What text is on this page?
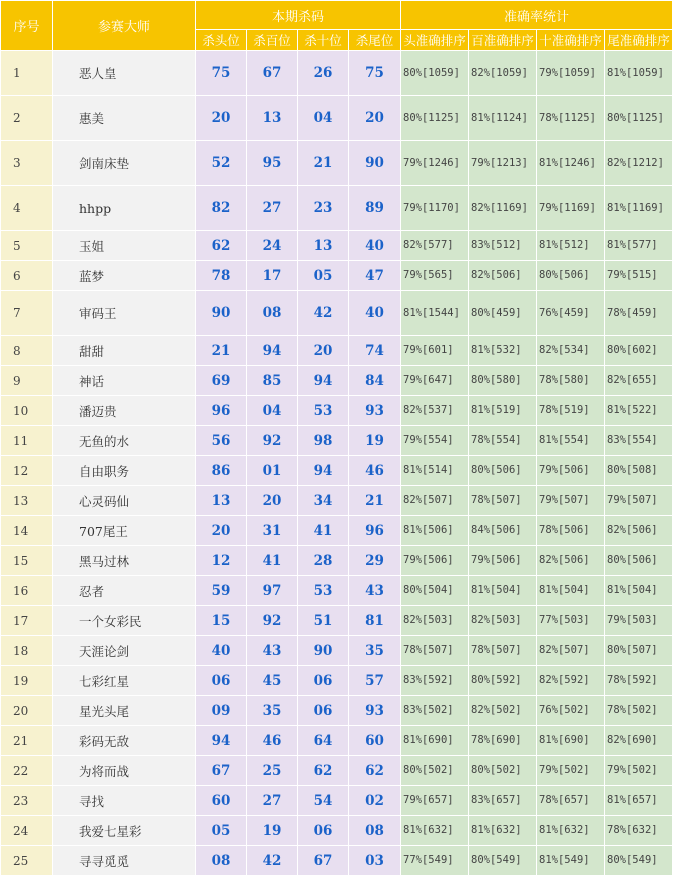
序号	参赛大师	本期杀码				准确率统计			
		杀头位	杀百位	杀十位	杀尾位	头准确排序	百准确排序	十准确排序	尾准确排序
1	恶人皇	75	67	26	75	80%[1059]	82%[1059]	79%[1059]	81%[1059]
2	惠美	20	13	04	20	80%[1125]	81%[1124]	78%[1125]	80%[1125]
3	剑南床垫	52	95	21	90	79%[1246]	79%[1213]	81%[1246]	82%[1212]
4	hhpp	82	27	23	89	79%[1170]	82%[1169]	79%[1169]	81%[1169]
5	玉姐	62	24	13	40	82%[577]	83%[512]	81%[512]	81%[577]
6	蓝梦	78	17	05	47	79%[565]	82%[506]	80%[506]	79%[515]
7	审码王	90	08	42	40	81%[1544]	80%[459]	76%[459]	78%[459]
8	甜甜	21	94	20	74	79%[601]	81%[532]	82%[534]	80%[602]
9	神话	69	85	94	84	79%[647]	80%[580]	78%[580]	82%[655]
10	潘迈贵	96	04	53	93	82%[537]	81%[519]	78%[519]	81%[522]
11	无鱼的水	56	92	98	19	79%[554]	78%[554]	81%[554]	83%[554]
12	自由职务	86	01	94	46	81%[514]	80%[506]	79%[506]	80%[508]
13	心灵码仙	13	20	34	21	82%[507]	78%[507]	79%[507]	79%[507]
14	707尾王	20	31	41	96	81%[506]	84%[506]	78%[506]	82%[506]
15	黑马过林	12	41	28	29	79%[506]	79%[506]	82%[506]	80%[506]
16	忍者	59	97	53	43	80%[504]	81%[504]	81%[504]	81%[504]
17	一个女彩民	15	92	51	81	82%[503]	82%[503]	77%[503]	79%[503]
18	天涯论剑	40	43	90	35	78%[507]	78%[507]	82%[507]	80%[507]
19	七彩红星	06	45	06	57	83%[592]	80%[592]	82%[592]	78%[592]
20	星光头尾	09	35	06	93	83%[502]	82%[502]	76%[502]	78%[502]
21	彩码无敌	94	46	64	60	81%[690]	78%[690]	81%[690]	82%[690]
22	为将而战	67	25	62	62	80%[502]	80%[502]	79%[502]	79%[502]
23	寻找	60	27	54	02	79%[657]	83%[657]	78%[657]	81%[657]
24	我爱七星彩	05	19	06	08	81%[632]	81%[632]	81%[632]	78%[632]
25	寻寻觅觅	08	42	67	03	77%[549]	80%[549]	81%[549]	80%[549]
